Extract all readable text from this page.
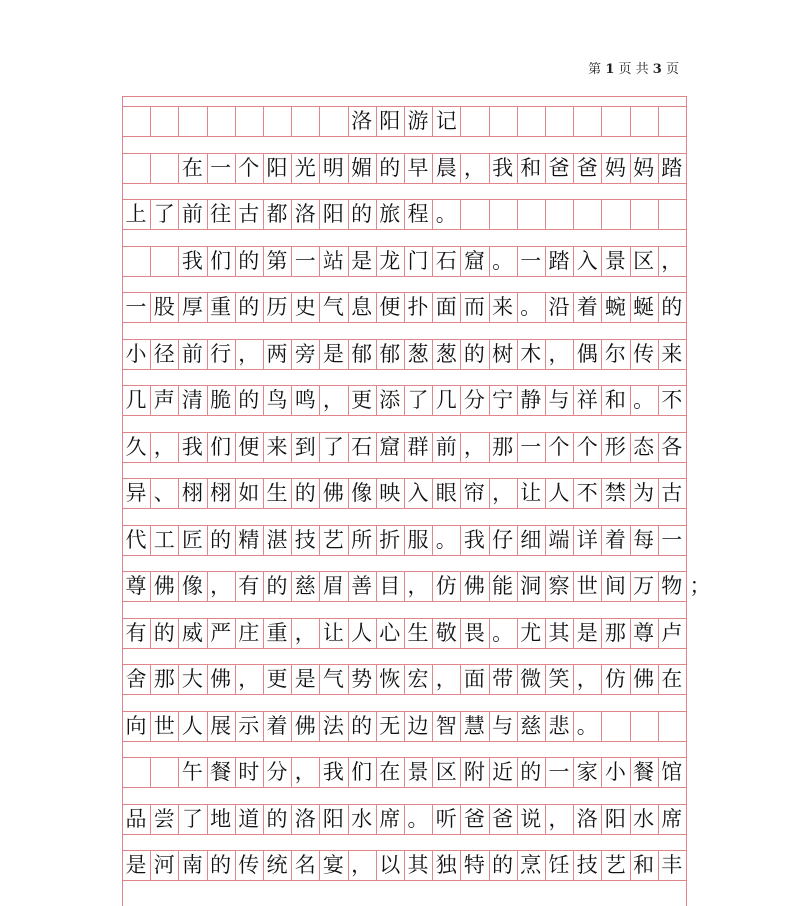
第 1 页 共 3 页
洛 阳 游 记
在 一 个 阳 光 明 媚 的 早 晨 ， 我 和 爸 爸 妈 妈 踏
上 了 前 往 古 都 洛 阳 的 旅 程 。
我 们 的 第 一 站 是 龙 门 石 窟 。 一 踏 入 景 区 ，
一 股 厚 重 的 历 史 气 息 便 扑 面 而 来 。 沿 着 蜿 蜒 的
小 径 前 行 ， 两 旁 是 郁 郁 葱 葱 的 树 木 ， 偶 尔 传 来
几 声 清 脆 的 鸟 鸣 ， 更 添 了 几 分 宁 静 与 祥 和 。 不
久 ， 我 们 便 来 到 了 石 窟 群 前 ， 那 一 个 个 形 态 各
异 、 栩 栩 如 生 的 佛 像 映 入 眼 帘 ， 让 人 不 禁 为 古
代 工 匠 的 精 湛 技 艺 所 折 服 。 我 仔 细 端 详 着 每 一
尊 佛 像 ， 有 的 慈 眉 善 目 ， 仿 佛 能 洞 察 世 间 万 物 ；
有 的 威 严 庄 重 ， 让 人 心 生 敬 畏 。 尤 其 是 那 尊 卢
舍 那 大 佛 ， 更 是 气 势 恢 宏 ， 面 带 微 笑 ， 仿 佛 在
向 世 人 展 示 着 佛 法 的 无 边 智 慧 与 慈 悲 。
午 餐 时 分 ， 我 们 在 景 区 附 近 的 一 家 小 餐 馆
品 尝 了 地 道 的 洛 阳 水 席 。 听 爸 爸 说 ， 洛 阳 水 席
是 河 南 的 传 统 名 宴 ， 以 其 独 特 的 烹 饪 技 艺 和 丰
